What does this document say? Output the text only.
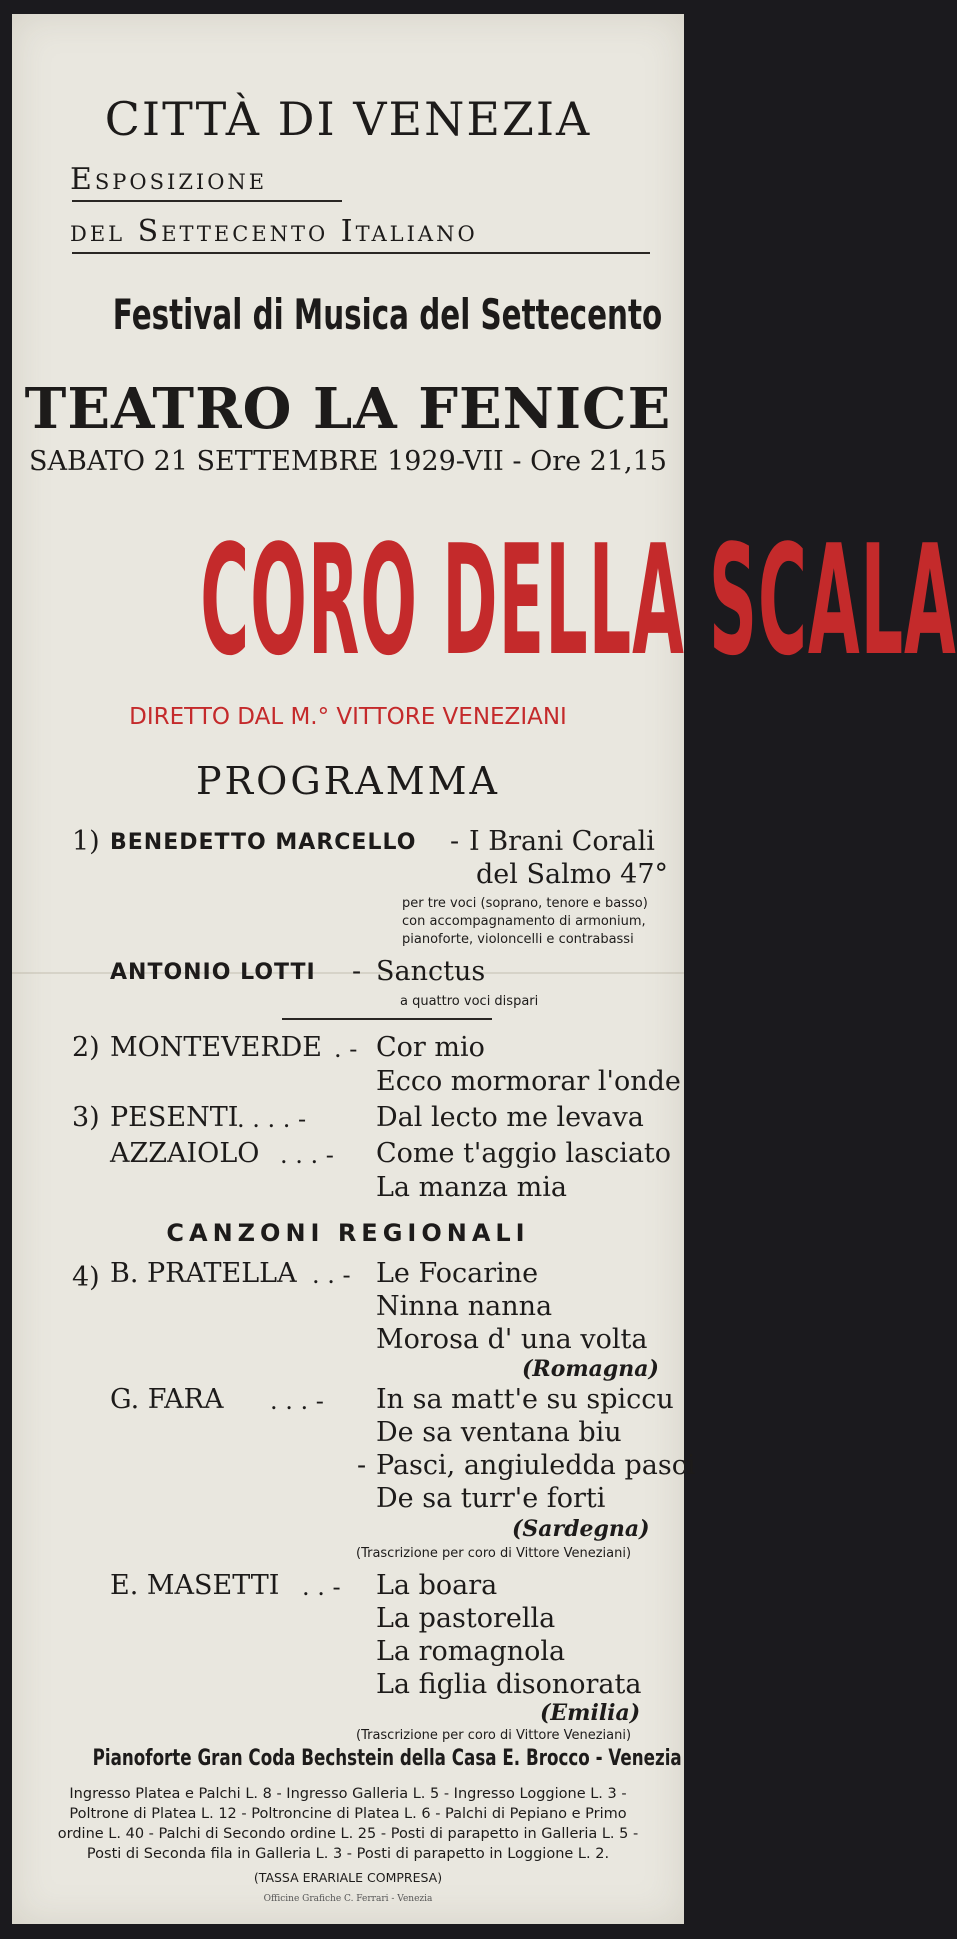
CITTÀ DI VENEZIA
Esposizione
del Settecento Italiano
Festival di Musica del Settecento
TEATRO LA FENICE
SABATO 21 SETTEMBRE 1929-VII - Ore 21,15
CORO DELLA SCALA
DIRETTO DAL M.° VITTORE VENEZIANI
PROGRAMMA
1) BENEDETTO MARCELLO - I Brani Corali
del Salmo 47°
per tre voci (soprano, tenore e basso)
con accompagnamento di armonium,
pianoforte, violoncelli e contrabassi
ANTONIO LOTTI - Sanctus
a quattro voci dispari
2) MONTEVERDE . - Cor mio
Ecco mormorar l'onde
3) PESENTI
. . . . -	Dal lecto me levava
AZZAIOLO . . . - Come t'aggio lasciato
La manza mia
CANZONI REGIONALI
4) B. PRATELLA . . - Le Focarine
Ninna nanna
Morosa d' una volta
(Romagna)
G. FARA . . . - In sa matt'e su spiccu
De sa ventana biu
- Pasci, angiuledda pasci
De sa turr'e forti
(Sardegna)
(Trascrizione per coro di Vittore Veneziani)
E. MASETTI . . - La boara
La pastorella
La romagnola
La figlia disonorata
(Emilia)
(Trascrizione per coro di Vittore Veneziani)
Pianoforte Gran Coda Bechstein della Casa E. Brocco - Venezia
Ingresso Platea e Palchi L. 8 - Ingresso Galleria L. 5 - Ingresso Loggione L. 3 -
Poltrone di Platea L. 12 - Poltroncine di Platea L. 6 - Palchi di Pepiano e Primo
ordine L. 40 - Palchi di Secondo ordine L. 25 - Posti di parapetto in Galleria L. 5 -
Posti di Seconda fila in Galleria L. 3 - Posti di parapetto in Loggione L. 2.
(TASSA ERARIALE COMPRESA)
Officine Grafiche C. Ferrari - Venezia
